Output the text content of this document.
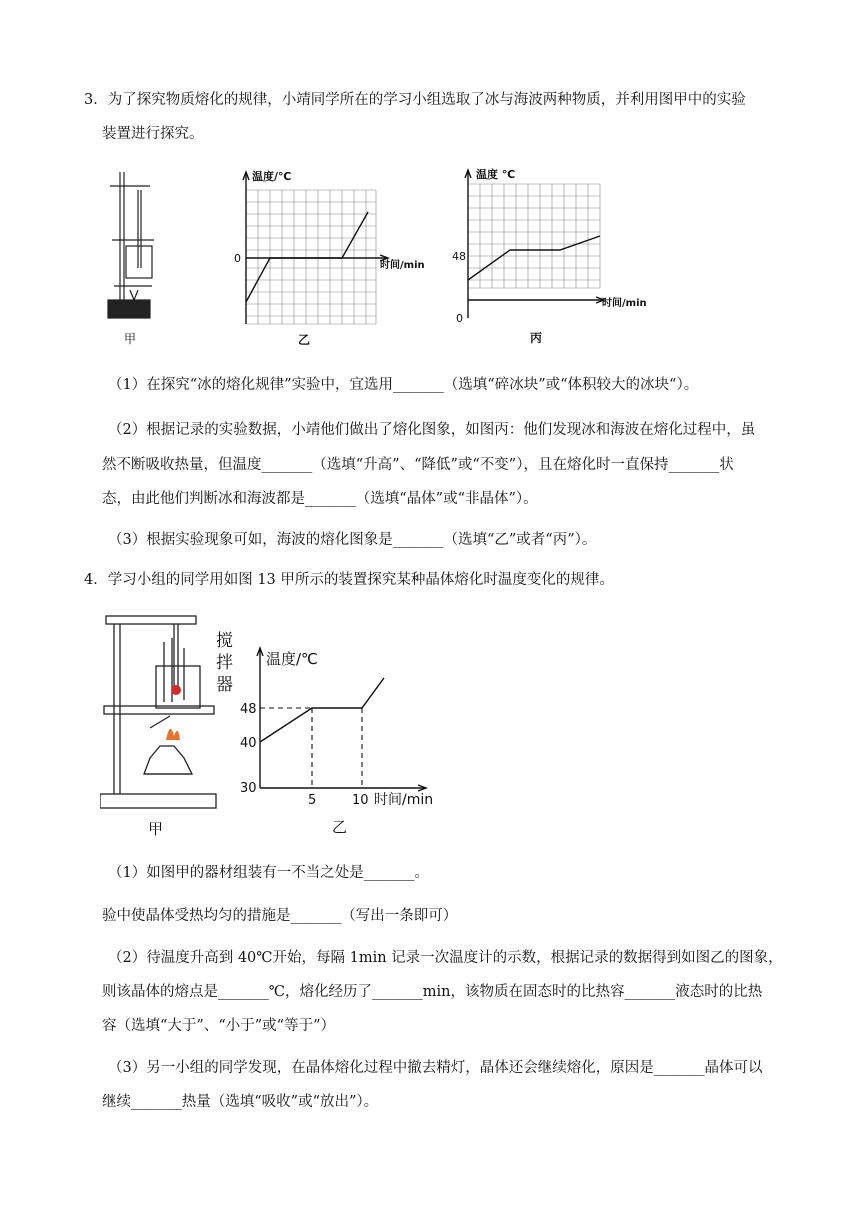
3．为了探究物质熔化的规律，小靖同学所在的学习小组选取了冰与海波两种物质，并利用图甲中的实验
装置进行探究。
甲
温度/℃
时间/min
0
乙
温度 ℃
时间/min
48
0
丙
（1）在探究“冰的熔化规律”实验中，宜选用_______（选填“碎冰块”或“体积较大的冰块“）。
（2）根据记录的实验数据，小靖他们做出了熔化图象，如图丙：他们发现冰和海波在熔化过程中，虽
然不断吸收热量，但温度_______（选填“升高”、“降低”或“不变”），且在熔化时一直保持_______状
态，由此他们判断冰和海波都是_______（选填“晶体”或“非晶体”）。
（3）根据实验现象可如，海波的熔化图象是_______（选填“乙”或者“丙”）。
4．学习小组的同学用如图 13 甲所示的装置探究某种晶体熔化时温度变化的规律。
搅
拌
器
甲
温度/℃
48
40
30
5	10 时间/min
乙
（1）如图甲的器材组装有一不当之处是_______。
验中使晶体受热均匀的措施是_______（写出一条即可）
（2）待温度升高到 40℃开始，每隔 1min 记录一次温度计的示数，根据记录的数据得到如图乙的图象，
则该晶体的熔点是_______℃，熔化经历了_______min，该物质在固态时的比热容_______液态时的比热
容（选填“大于”、“小于”或“等于”）
（3）另一小组的同学发现，在晶体熔化过程中撤去精灯，晶体还会继续熔化，原因是_______晶体可以
继续_______热量（选填“吸收”或“放出”）。
